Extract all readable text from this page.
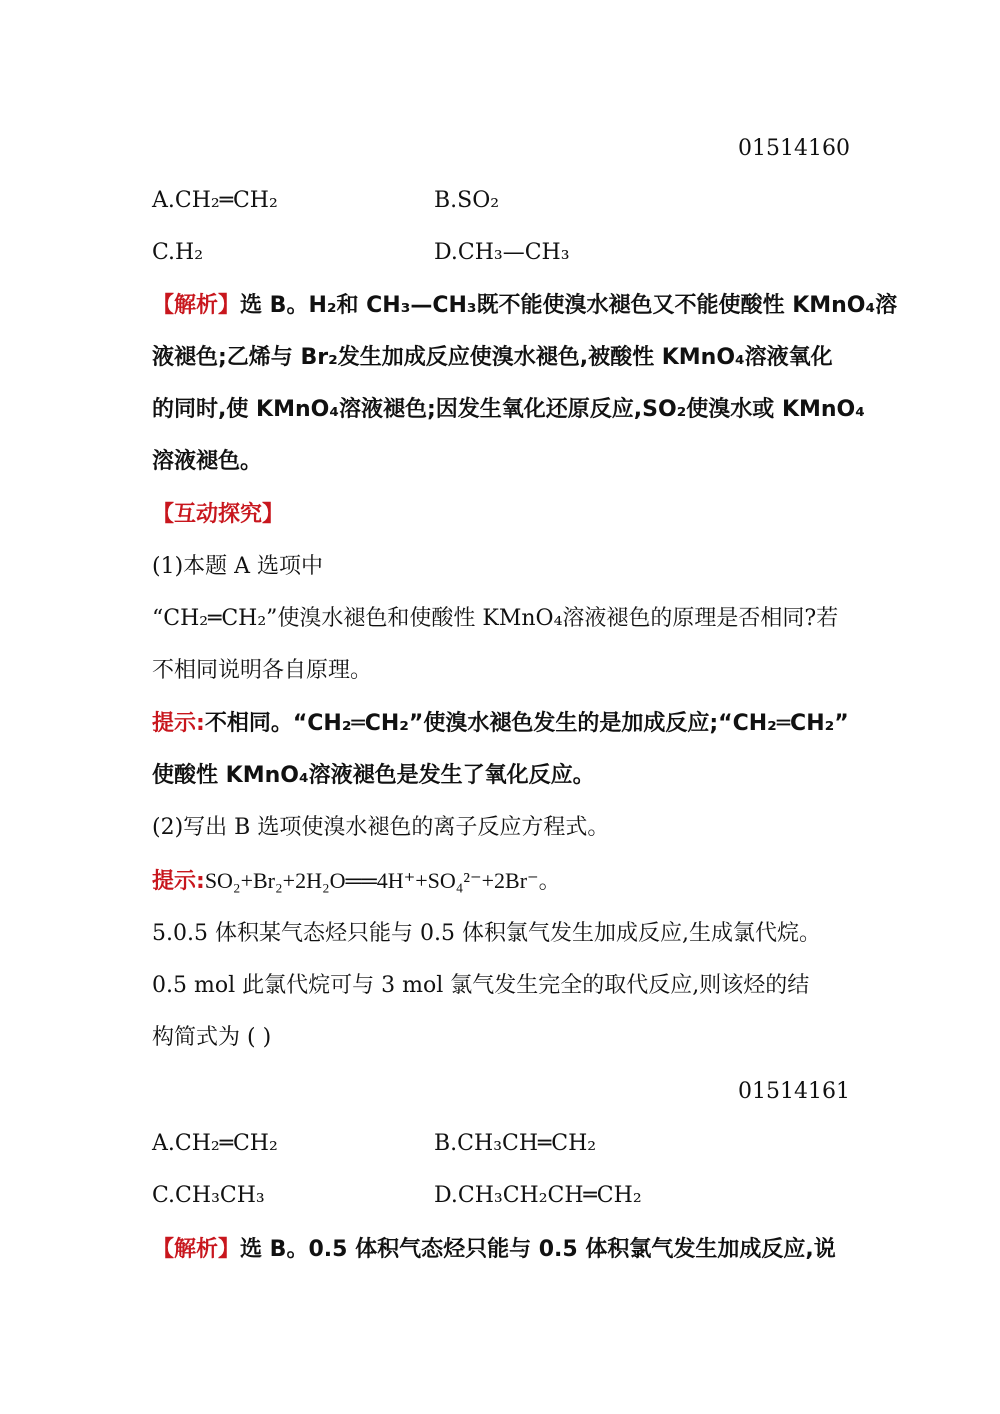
01514160
A.CH₂═CH₂	B.SO₂
C.H₂	D.CH₃—CH₃
【解析】选 B。H₂和 CH₃—CH₃既不能使溴水褪色又不能使酸性 KMnO₄溶
液褪色;乙烯与 Br₂发生加成反应使溴水褪色,被酸性 KMnO₄溶液氧化
的同时,使 KMnO₄溶液褪色;因发生氧化还原反应,SO₂使溴水或 KMnO₄
溶液褪色。
【互动探究】
(1)本题 A 选项中
“CH₂═CH₂”使溴水褪色和使酸性 KMnO₄溶液褪色的原理是否相同?若
不相同说明各自原理。
提示:不相同。“CH₂═CH₂”使溴水褪色发生的是加成反应;“CH₂═CH₂”
使酸性 KMnO₄溶液褪色是发生了氧化反应。
(2)写出 B 选项使溴水褪色的离子反应方程式。
提示:SO₂+Br₂+2H₂O══4H⁺+SO₄²⁻+2Br⁻。
5.0.5 体积某气态烃只能与 0.5 体积氯气发生加成反应,生成氯代烷。
0.5 mol 此氯代烷可与 3 mol 氯气发生完全的取代反应,则该烃的结
构简式为 ( )
01514161
A.CH₂═CH₂	B.CH₃CH═CH₂
C.CH₃CH₃	D.CH₃CH₂CH═CH₂
【解析】选 B。0.5 体积气态烃只能与 0.5 体积氯气发生加成反应,说
